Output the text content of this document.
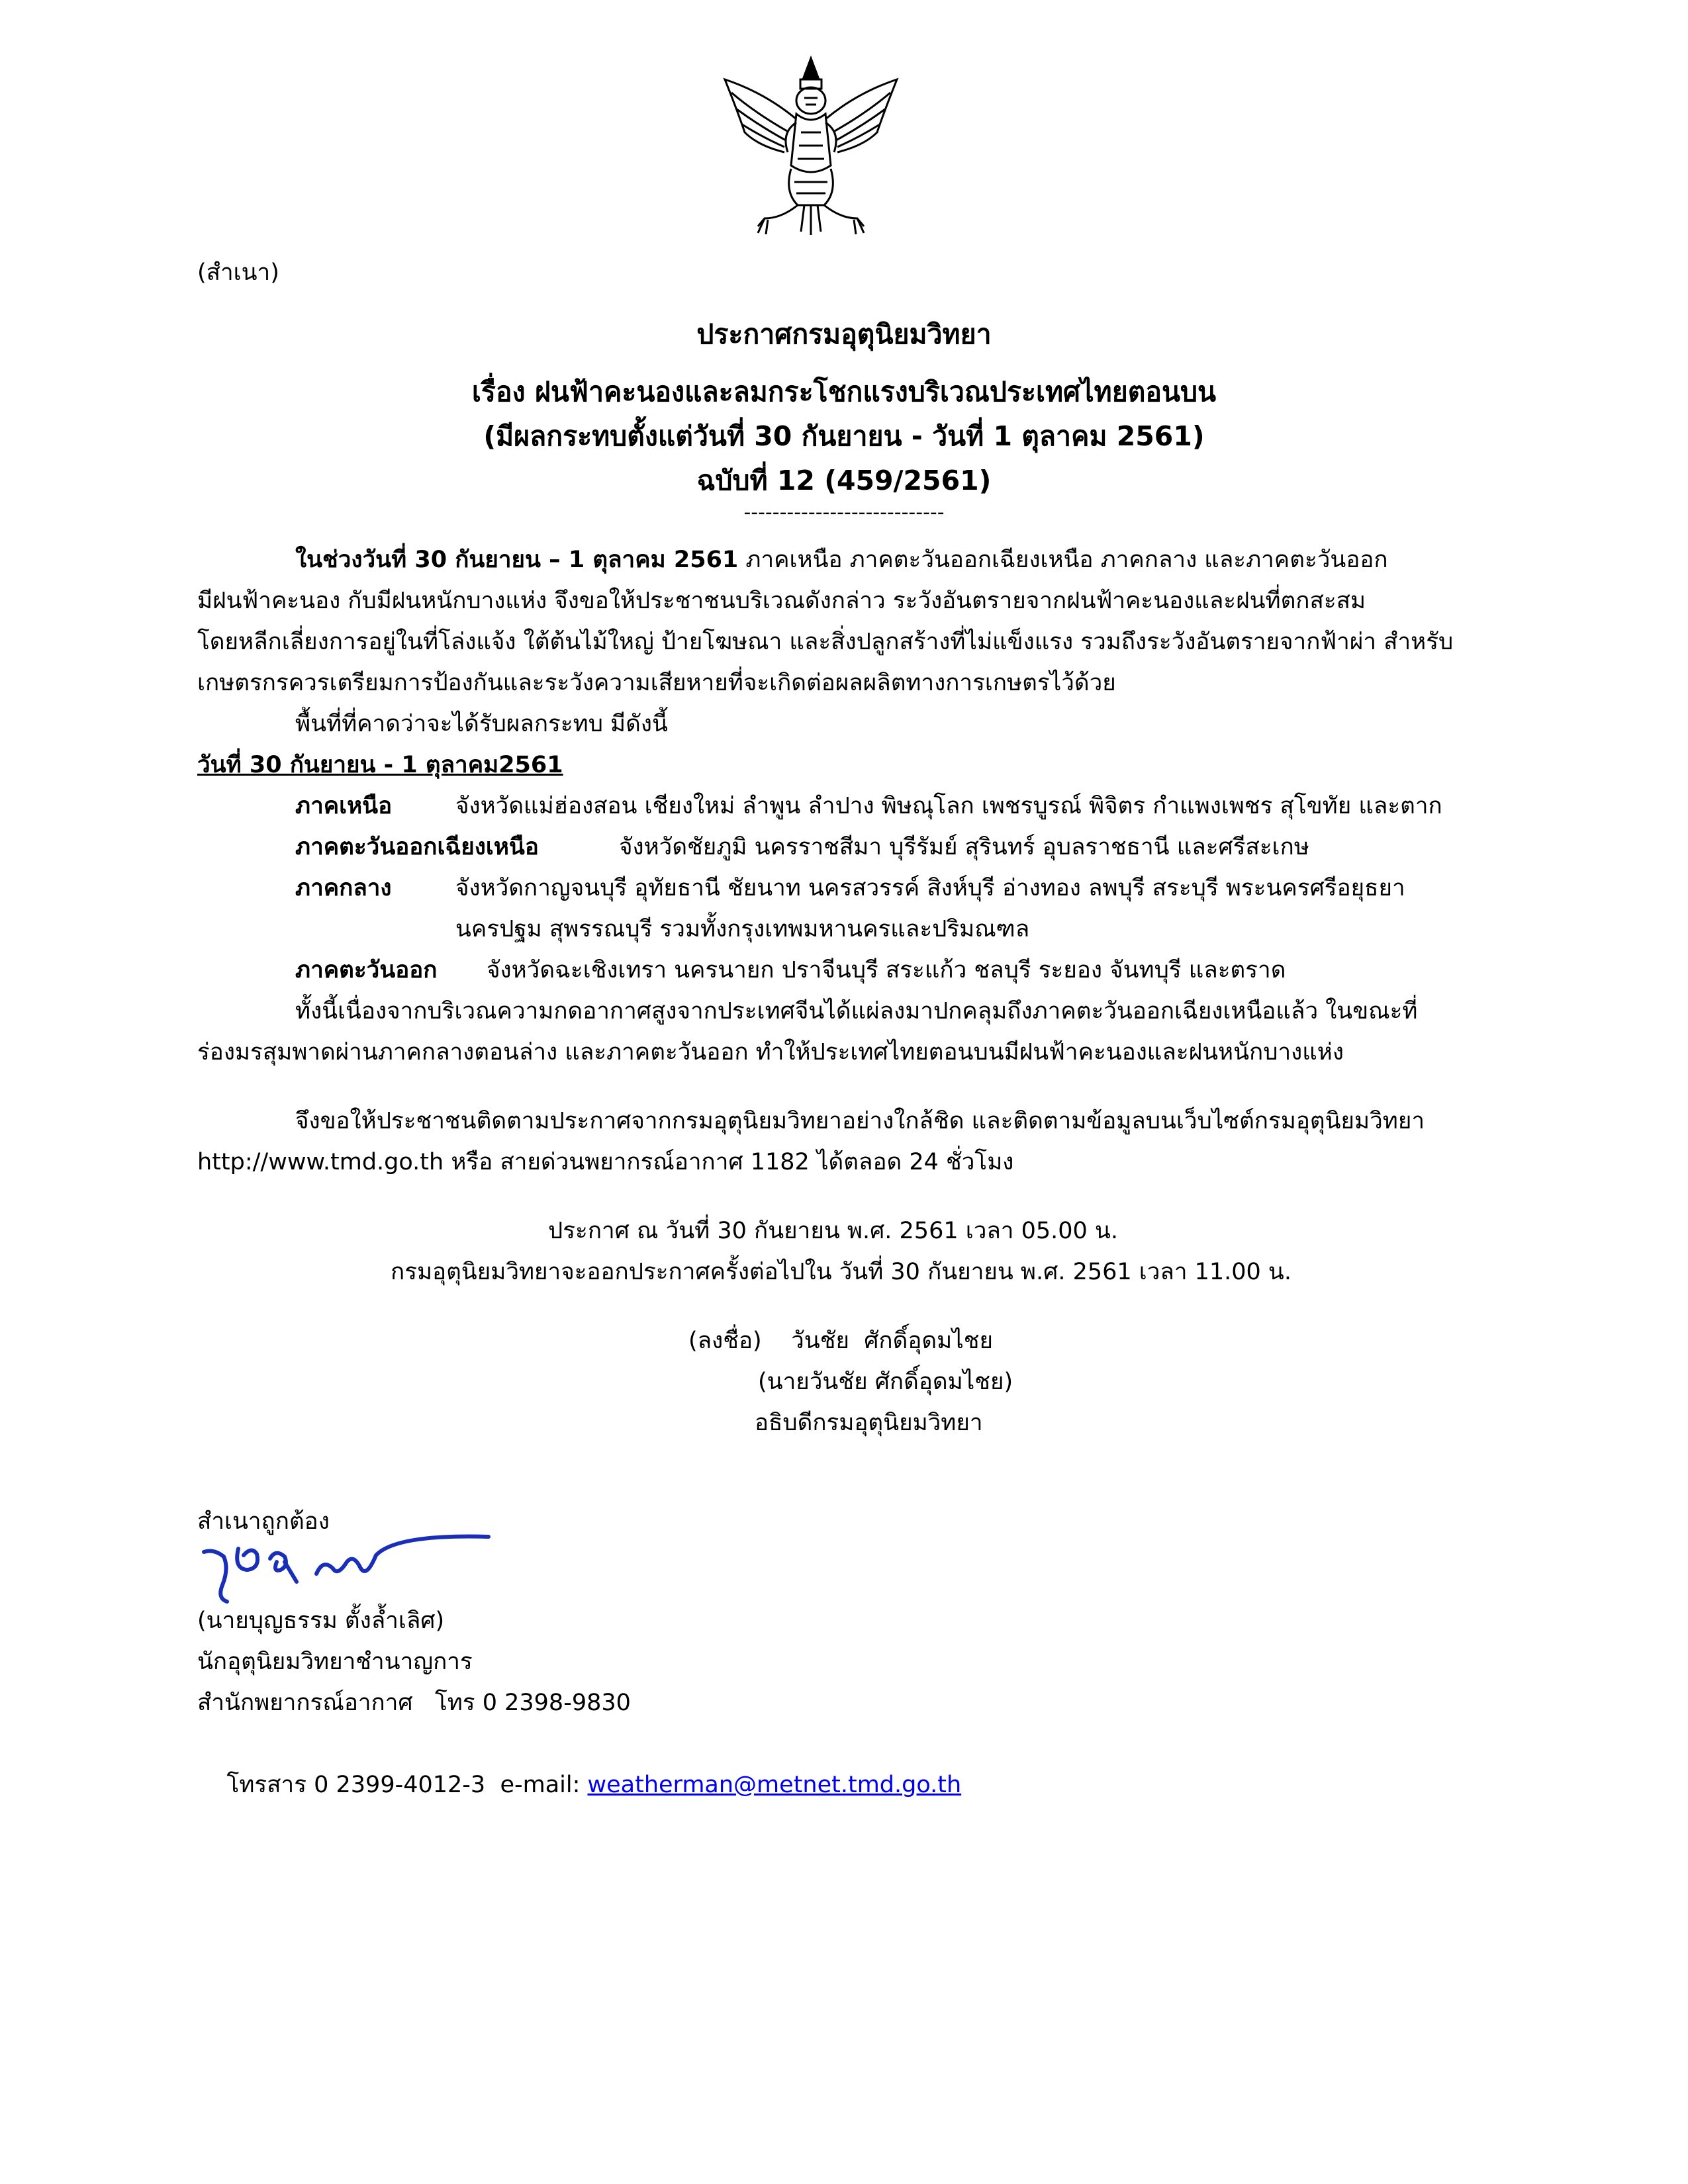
(สำเนา)
ประกาศกรมอุตุนิยมวิทยา
เรื่อง ฝนฟ้าคะนองและลมกระโชกแรงบริเวณประเทศไทยตอนบน
(มีผลกระทบตั้งแต่วันที่ 30 กันยายน - วันที่ 1 ตุลาคม 2561)
ฉบับที่ 12 (459/2561)
----------------------------
ในช่วงวันที่ 30 กันยายน – 1 ตุลาคม 2561 ภาคเหนือ ภาคตะวันออกเฉียงเหนือ ภาคกลาง และภาคตะวันออก
มีฝนฟ้าคะนอง กับมีฝนหนักบางแห่ง จึงขอให้ประชาชนบริเวณดังกล่าว ระวังอันตรายจากฝนฟ้าคะนองและฝนที่ตกสะสม
โดยหลีกเลี่ยงการอยู่ในที่โล่งแจ้ง ใต้ต้นไม้ใหญ่ ป้ายโฆษณา และสิ่งปลูกสร้างที่ไม่แข็งแรง รวมถึงระวังอันตรายจากฟ้าผ่า สำหรับ
เกษตรกรควรเตรียมการป้องกันและระวังความเสียหายที่จะเกิดต่อผลผลิตทางการเกษตรไว้ด้วย
พื้นที่ที่คาดว่าจะได้รับผลกระทบ มีดังนี้
วันที่ 30 กันยายน - 1 ตุลาคม2561
ภาคเหนือ	จังหวัดแม่ฮ่องสอน เชียงใหม่ ลำพูน ลำปาง พิษณุโลก เพชรบูรณ์ พิจิตร กำแพงเพชร สุโขทัย และตาก
ภาคตะวันออกเฉียงเหนือ	จังหวัดชัยภูมิ นครราชสีมา บุรีรัมย์ สุรินทร์ อุบลราชธานี และศรีสะเกษ
ภาคกลาง	จังหวัดกาญจนบุรี อุทัยธานี ชัยนาท นครสวรรค์ สิงห์บุรี อ่างทอง ลพบุรี สระบุรี พระนครศรีอยุธยา
นครปฐม สุพรรณบุรี รวมทั้งกรุงเทพมหานครและปริมณฑล
ภาคตะวันออก จังหวัดฉะเชิงเทรา นครนายก ปราจีนบุรี สระแก้ว ชลบุรี ระยอง จันทบุรี และตราด
ทั้งนี้เนื่องจากบริเวณความกดอากาศสูงจากประเทศจีนได้แผ่ลงมาปกคลุมถึงภาคตะวันออกเฉียงเหนือแล้ว ในขณะที่
ร่องมรสุมพาดผ่านภาคกลางตอนล่าง และภาคตะวันออก ทำให้ประเทศไทยตอนบนมีฝนฟ้าคะนองและฝนหนักบางแห่ง
จึงขอให้ประชาชนติดตามประกาศจากกรมอุตุนิยมวิทยาอย่างใกล้ชิด และติดตามข้อมูลบนเว็บไซต์กรมอุตุนิยมวิทยา
http://www.tmd.go.th หรือ สายด่วนพยากรณ์อากาศ 1182 ได้ตลอด 24 ชั่วโมง
ประกาศ ณ วันที่ 30 กันยายน พ.ศ. 2561 เวลา 05.00 น.
กรมอุตุนิยมวิทยาจะออกประกาศครั้งต่อไปใน วันที่ 30 กันยายน พ.ศ. 2561 เวลา 11.00 น.
(ลงชื่อ)    วันชัย  ศักดิ์อุดมไชย
(นายวันชัย ศักดิ์อุดมไชย)
อธิบดีกรมอุตุนิยมวิทยา
สำเนาถูกต้อง
(นายบุญธรรม ตั้งล้ำเลิศ)
นักอุตุนิยมวิทยาชำนาญการ
สำนักพยากรณ์อากาศ   โทร 0 2398-9830

โทรสาร 0 2399-4012-3  e-mail: weatherman@metnet.tmd.go.th
